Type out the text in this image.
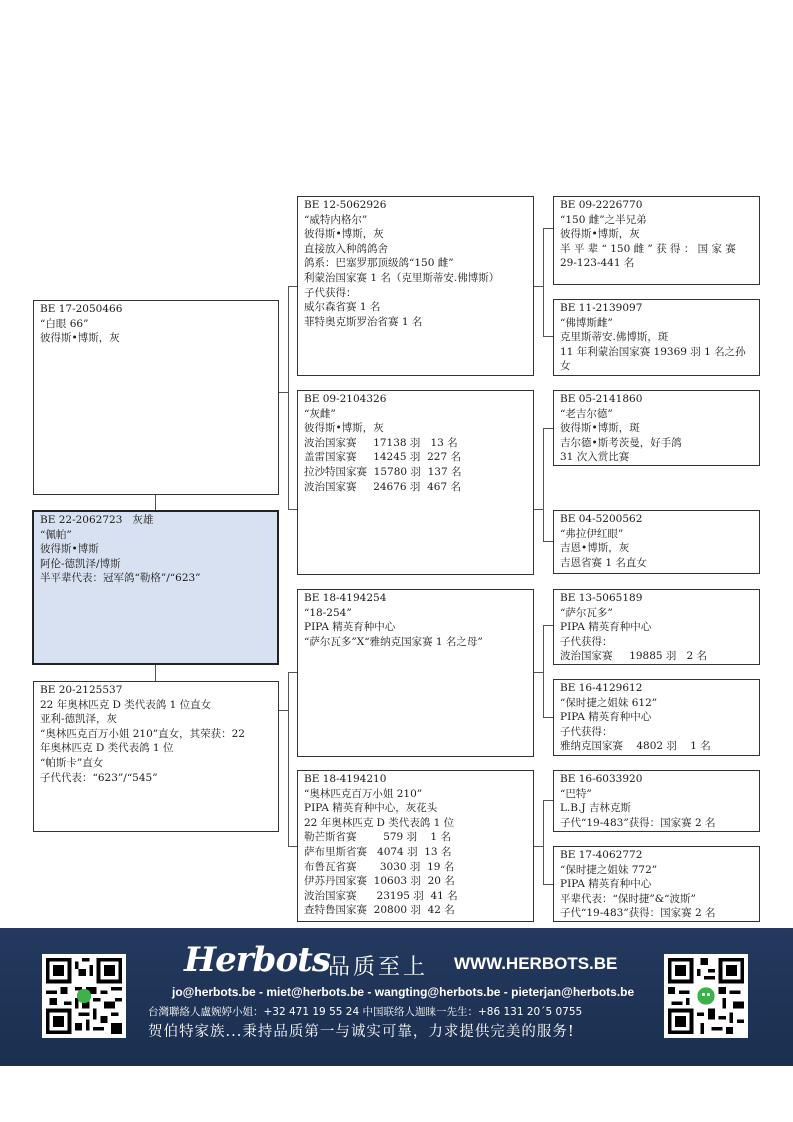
BE 17-2050466
“白眼 66”
彼得斯•博斯，灰
BE 22-2062723   灰雄
“佩帕”
彼得斯•博斯
阿伦-德凯泽/博斯
半平辈代表：冠军鸽“勒格”/“623”
BE 20-2125537
22 年奥林匹克 D 类代表鸽 1 位直女
亚利-德凯泽，灰
“奥林匹克百万小姐 210”直女，其荣获：22
年奥林匹克 D 类代表鸽 1 位
“帕斯卡”直女
子代代表：“623”/“545”
BE 12-5062926
“威特内格尔”
彼得斯•博斯，灰
直接放入种鸽鸽舍
鸽系：巴塞罗那顶级鸽“150 雌”
利蒙治国家赛 1 名（克里斯蒂安.佛博斯）
子代获得：
威尔森省赛 1 名
菲特奥克斯罗治省赛 1 名
BE 09-2104326
“灰雌”
彼得斯•博斯，灰
波治国家赛     17138 羽   13 名
盖雷国家赛     14245 羽  227 名
拉沙特国家赛  15780 羽  137 名
波治国家赛     24676 羽  467 名
BE 18-4194254
“18-254”
PIPA 精英育种中心
“萨尔瓦多”X“雅纳克国家赛 1 名之母”
BE 18-4194210
“奥林匹克百万小姐 210”
PIPA 精英育种中心，灰花头
22 年奥林匹克 D 类代表鸽 1 位
勒芒斯省赛        579 羽    1 名
萨布里斯省赛   4074 羽  13 名
布鲁瓦省赛       3030 羽  19 名
伊苏丹国家赛  10603 羽  20 名
波治国家赛      23195 羽  41 名
查特鲁国家赛  20800 羽  42 名
BE 09-2226770
“150 雌”之半兄弟
彼得斯•博斯，灰
半 平 辈 “ 150 雌 ” 获 得 ： 国 家 赛
29-123-441 名
BE 11-2139097
“佛博斯雌”
克里斯蒂安.佛博斯，斑
11 年利蒙治国家赛 19369 羽 1 名之孙
女
BE 05-2141860
“老吉尔德”
彼得斯•博斯，斑
吉尔德•斯考茨曼，好手鸽
31 次入赏比赛
BE 04-5200562
“弗拉伊红眼”
吉恩•博斯，灰
吉恩省赛 1 名直女
BE 13-5065189
“萨尔瓦多”
PIPA 精英育种中心
子代获得：
波治国家赛     19885 羽   2 名
BE 16-4129612
“保时捷之姐妹 612”
PIPA 精英育种中心
子代获得：
雅纳克国家赛    4802 羽    1 名
BE 16-6033920
“巴特”
L.B.J 吉林克斯
子代“19-483”获得：国家赛 2 名
BE 17-4062772
“保时捷之姐妹 772”
PIPA 精英育种中心
平辈代表：“保时捷”&“波斯”
子代“19-483”获得：国家赛 2 名
Herbots
品质至上 WWW.HERBOTS.BE
jo@herbots.be - miet@herbots.be - wangting@herbots.be - pieterjan@herbots.be
台灣聯絡人盧婉婷小姐：+32 471 19 55 24 中国联络人迦睐一先生：+86 131 20´5 0755
贺伯特家族...秉持品质第一与诚实可靠，力求提供完美的服务!
